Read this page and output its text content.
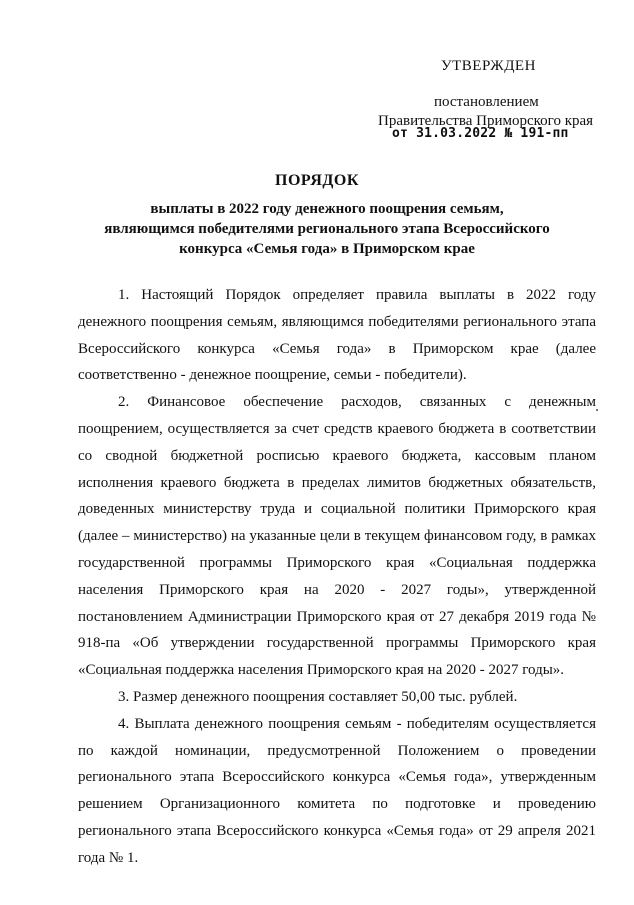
УТВЕРЖДЕН
постановлением
Правительства Приморского края
от 31.03.2022 № 191-пп
ПОРЯДОК
выплаты в 2022 году денежного поощрения семьям,
являющимся победителями регионального этапа Всероссийского
конкурса «Семья года» в Приморском крае

1. Настоящий Порядок определяет правила выплаты в 2022 году денежного поощрения семьям, являющимся победителями регионального этапа Всероссийского конкурса «Семья года» в Приморском крае (далее соответственно - денежное поощрение, семьи - победители).

2. Финансовое обеспечение расходов, связанных с денежным поощрением, осуществляется за счет средств краевого бюджета в соответствии со сводной бюджетной росписью краевого бюджета, кассовым планом исполнения краевого бюджета в пределах лимитов бюджетных обязательств, доведенных министерству труда и социальной политики Приморского края (далее – министерство) на указанные цели в текущем финансовом году, в рамках государственной программы Приморского края «Социальная поддержка населения Приморского края на 2020 - 2027 годы», утвержденной постановлением Администрации Приморского края от 27 декабря 2019 года № 918-па «Об утверждении государственной программы Приморского края «Социальная поддержка населения Приморского края на 2020 - 2027 годы».

3. Размер денежного поощрения составляет 50,00 тыс. рублей.

4. Выплата денежного поощрения семьям - победителям осуществляется по каждой номинации, предусмотренной Положением о проведении регионального этапа Всероссийского конкурса «Семья года», утвержденным решением Организационного комитета по подготовке и проведению регионального этапа Всероссийского конкурса «Семья года» от 29 апреля 2021 года № 1.
